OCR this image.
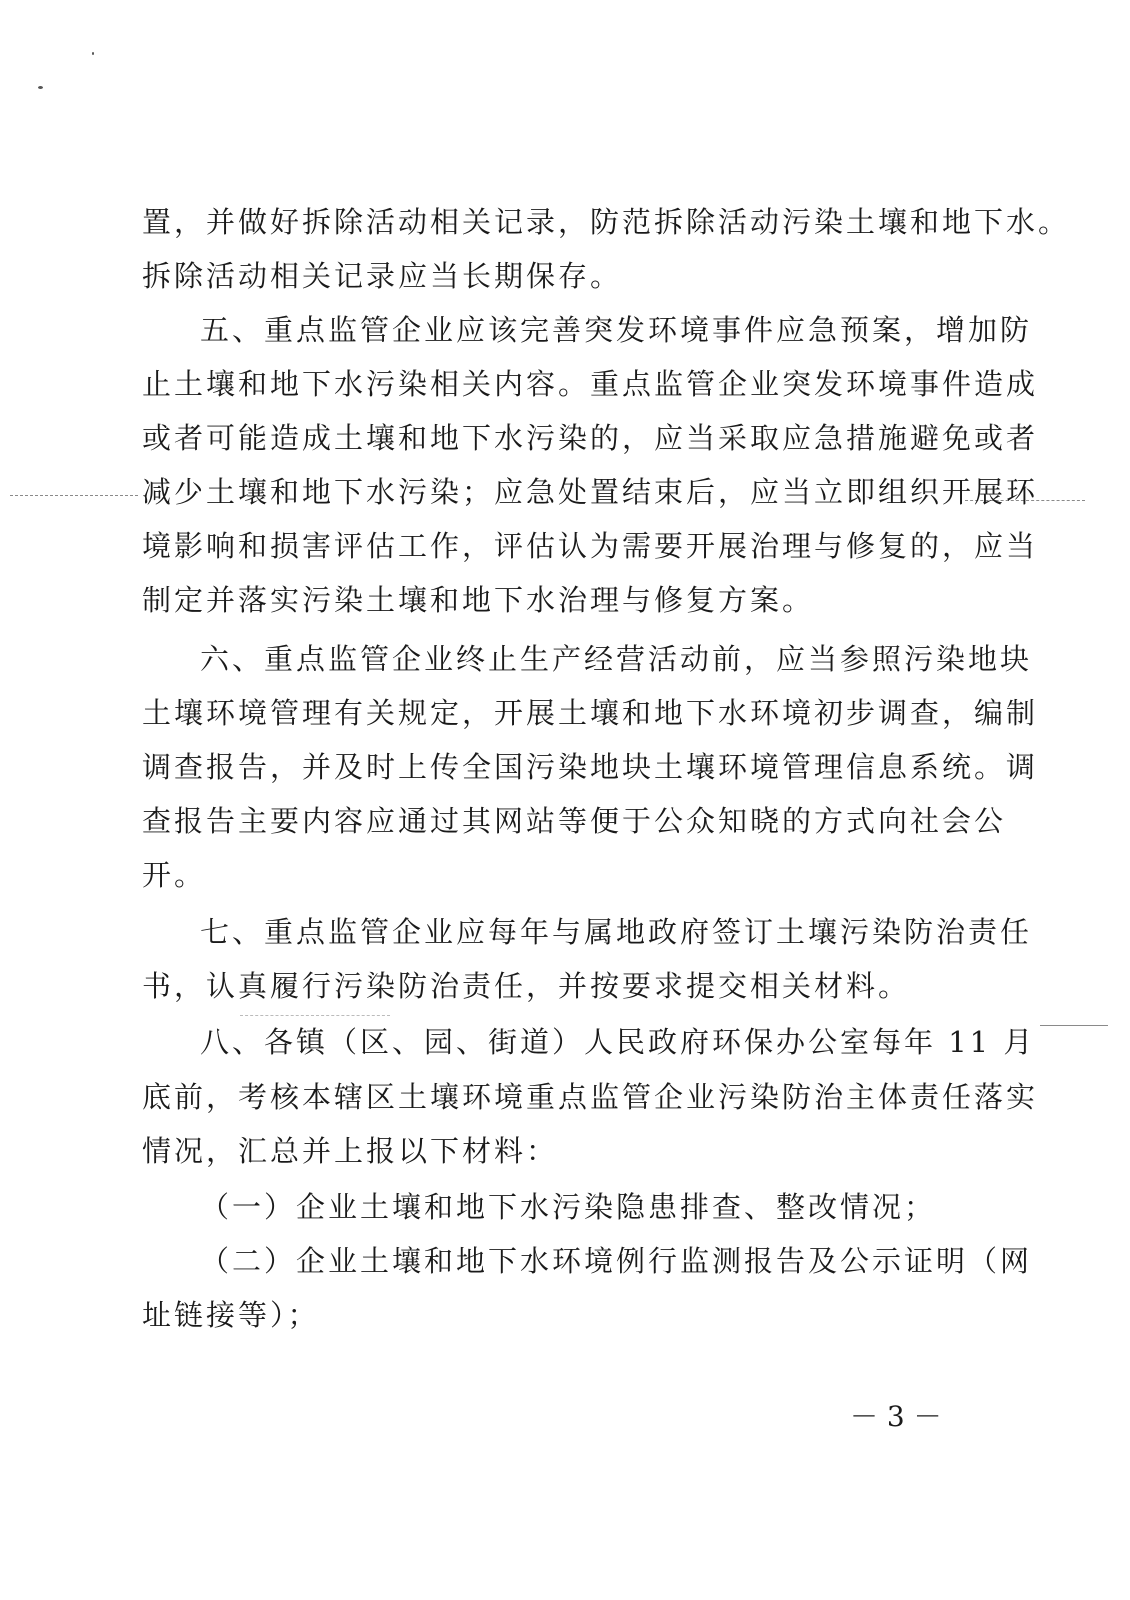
置，并做好拆除活动相关记录，防范拆除活动污染土壤和地下水。
拆除活动相关记录应当长期保存。
五、重点监管企业应该完善突发环境事件应急预案，增加防
止土壤和地下水污染相关内容。重点监管企业突发环境事件造成
或者可能造成土壤和地下水污染的，应当采取应急措施避免或者
减少土壤和地下水污染；应急处置结束后，应当立即组织开展环
境影响和损害评估工作，评估认为需要开展治理与修复的，应当
制定并落实污染土壤和地下水治理与修复方案。
六、重点监管企业终止生产经营活动前，应当参照污染地块
土壤环境管理有关规定，开展土壤和地下水环境初步调查，编制
调查报告，并及时上传全国污染地块土壤环境管理信息系统。调
查报告主要内容应通过其网站等便于公众知晓的方式向社会公
开。
七、重点监管企业应每年与属地政府签订土壤污染防治责任
书，认真履行污染防治责任，并按要求提交相关材料。
八、各镇（区、园、街道）人民政府环保办公室每年 11 月
底前，考核本辖区土壤环境重点监管企业污染防治主体责任落实
情况，汇总并上报以下材料：
（一）企业土壤和地下水污染隐患排查、整改情况；
（二）企业土壤和地下水环境例行监测报告及公示证明（网
址链接等）；
－ 3 －
